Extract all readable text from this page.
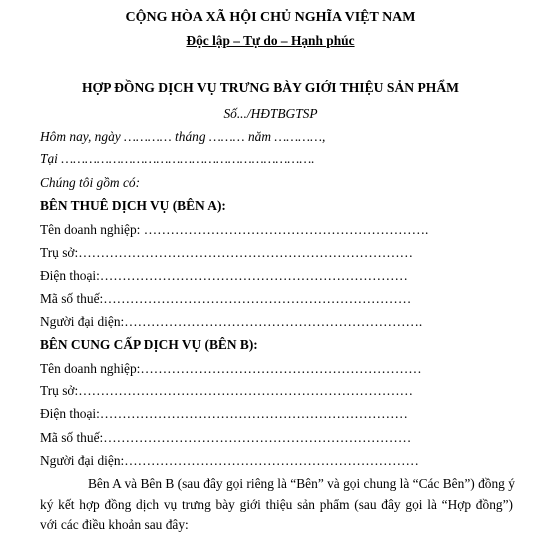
CỘNG HÒA XÃ HỘI CHỦ NGHĨA VIỆT NAM
Độc lập – Tự do – Hạnh phúc
HỢP ĐỒNG DỊCH VỤ TRƯNG BÀY GIỚI THIỆU SẢN PHẨM
Số.../HĐTBGTSP
Hôm nay, ngày ………… tháng ……… năm …………,
Tại ……………………………………………………….
Chúng tôi gồm có:
BÊN THUÊ DỊCH VỤ (BÊN A):
Tên doanh nghiệp: ……………………………………………………….
Trụ sở:…………………………………………………………………
Điện thoại:……………………………………………………………
Mã số thuế:……………………………………………………………
Người đại diện:………………………………………………………….
BÊN CUNG CẤP DỊCH VỤ (BÊN B):
Tên doanh nghiệp:………………………………………………………
Trụ sở:…………………………………………………………………
Điện thoại:……………………………………………………………
Mã số thuế:……………………………………………………………
Người đại diện:…………………………………………………………
Bên A và Bên B (sau đây gọi riêng là “Bên” và gọi chung là “Các Bên”) đồng ý
ký kết hợp đồng dịch vụ trưng bày giới thiệu sản phẩm (sau đây gọi là “Hợp đồng”)
với các điều khoản sau đây:
